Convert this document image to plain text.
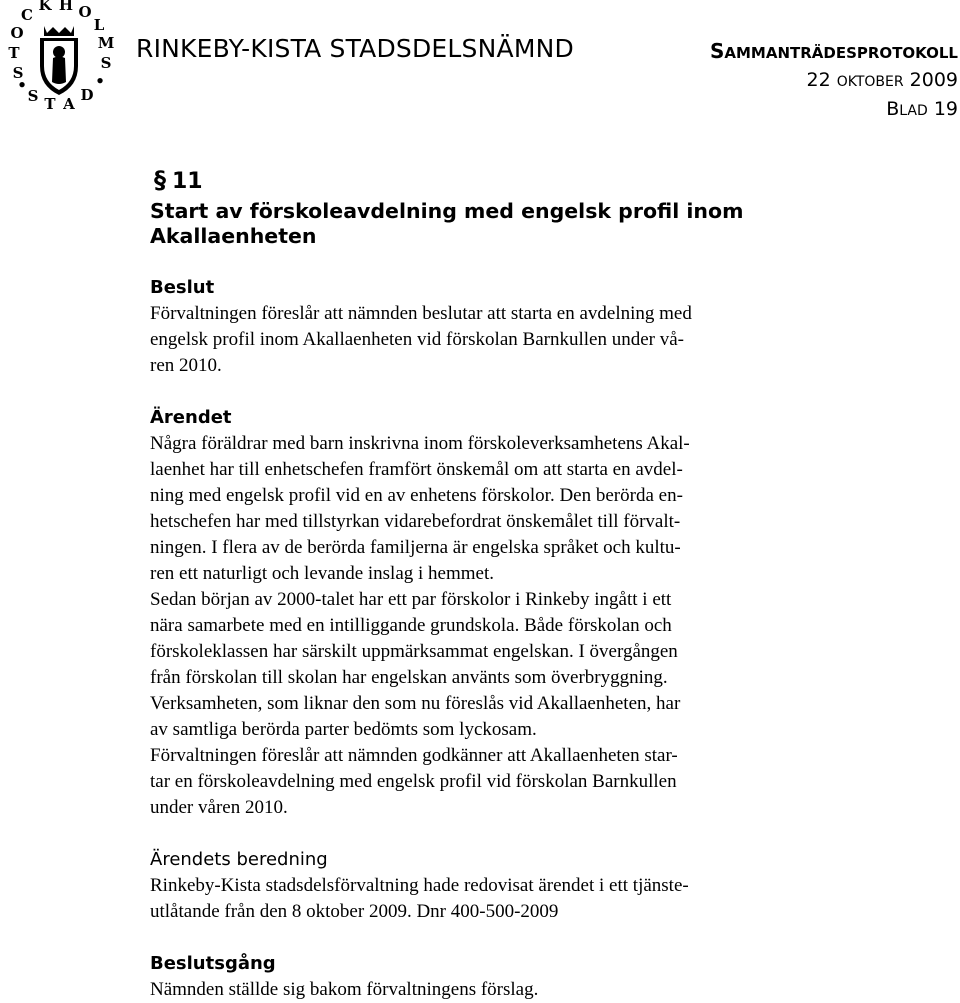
S
T
O
C
K H O
L
M
S
•
D
A
T
S
•
RINKEBY-KISTA STADSDELSNÄMND	SAMMANTRÄDESPROTOKOLL
22 OKTOBER 2009
BLAD 19
§ 11
Start av förskoleavdelning med engelsk profil inom
Akallaenheten
Beslut
Förvaltningen föreslår att nämnden beslutar att starta en avdelning med
engelsk profil inom Akallaenheten vid förskolan Barnkullen under vå-
ren 2010.
Ärendet
Några föräldrar med barn inskrivna inom förskoleverksamhetens Akal-
laenhet har till enhetschefen framfört önskemål om att starta en avdel-
ning med engelsk profil vid en av enhetens förskolor. Den berörda en-
hetschefen har med tillstyrkan vidarebefordrat önskemålet till förvalt-
ningen. I flera av de berörda familjerna är engelska språket och kultu-
ren ett naturligt och levande inslag i hemmet.
Sedan början av 2000-talet har ett par förskolor i Rinkeby ingått i ett
nära samarbete med en intilliggande grundskola. Både förskolan och
förskoleklassen har särskilt uppmärksammat engelskan. I övergången
från förskolan till skolan har engelskan använts som överbryggning.
Verksamheten, som liknar den som nu föreslås vid Akallaenheten, har
av samtliga berörda parter bedömts som lyckosam.
Förvaltningen föreslår att nämnden godkänner att Akallaenheten star-
tar en förskoleavdelning med engelsk profil vid förskolan Barnkullen
under våren 2010.
Ärendets beredning
Rinkeby-Kista stadsdelsförvaltning hade redovisat ärendet i ett tjänste-
utlåtande från den 8 oktober 2009. Dnr 400-500-2009
Beslutsgång
Nämnden ställde sig bakom förvaltningens förslag.
